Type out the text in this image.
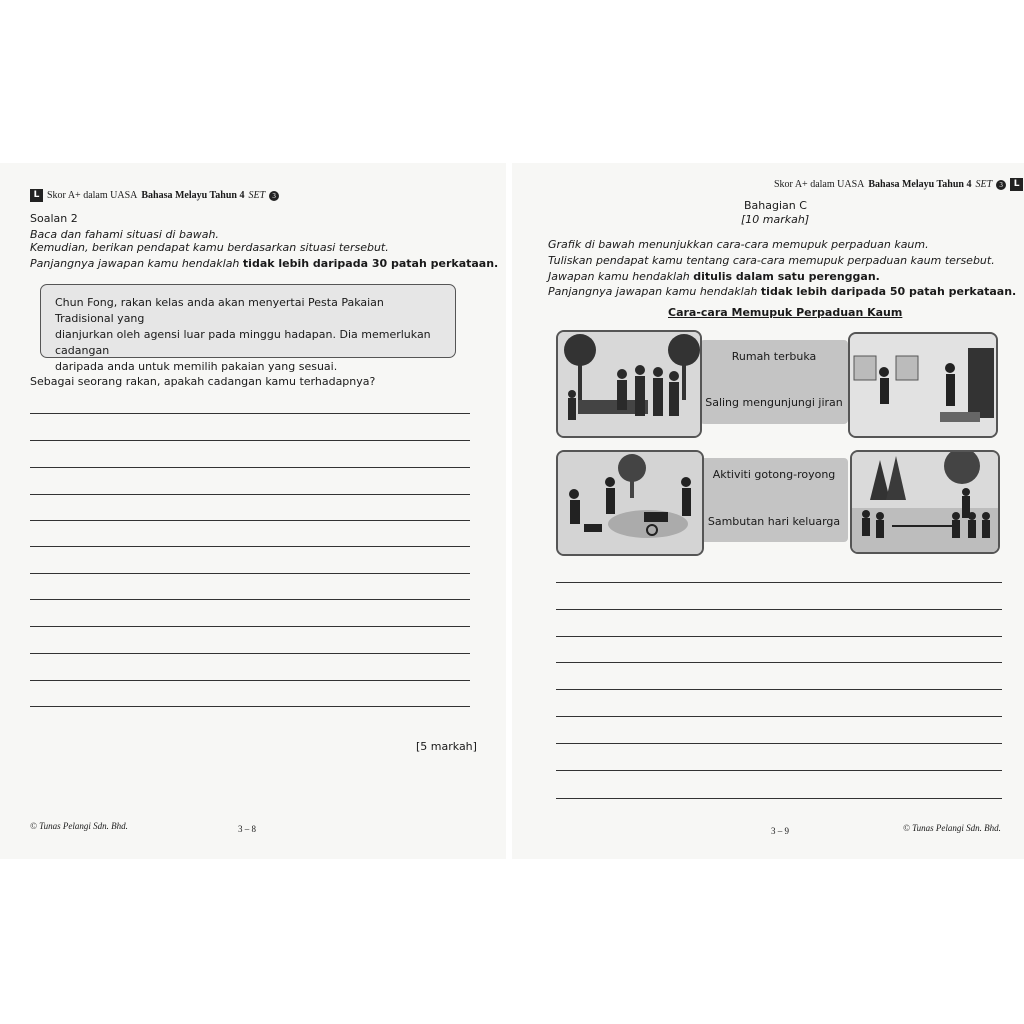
L Skor A+ dalam UASA Bahasa Melayu Tahun 4 SET	3
Soalan 2
Baca dan fahami situasi di bawah.
Kemudian, berikan pendapat kamu berdasarkan situasi tersebut.
Panjangnya jawapan kamu hendaklah tidak lebih daripada 30 patah perkataan.
Chun Fong, rakan kelas anda akan menyertai Pesta Pakaian Tradisional yang
dianjurkan oleh agensi luar pada minggu hadapan. Dia memerlukan cadangan
daripada anda untuk memilih pakaian yang sesuai.
Sebagai seorang rakan, apakah cadangan kamu terhadapnya?
[5 markah]
© Tunas Pelangi Sdn. Bhd.	3 – 8
Skor A+ dalam UASA Bahasa Melayu Tahun 4 SET	3	L
Bahagian C
[10 markah]
Grafik di bawah menunjukkan cara-cara memupuk perpaduan kaum.
Tuliskan pendapat kamu tentang cara-cara memupuk perpaduan kaum tersebut.
Jawapan kamu hendaklah ditulis dalam satu perenggan.
Panjangnya jawapan kamu hendaklah tidak lebih daripada 50 patah perkataan.
Cara-cara Memupuk Perpaduan Kaum
Rumah terbuka
Saling mengunjungi jiran
Aktiviti gotong-royong
Sambutan hari keluarga
3 – 9	© Tunas Pelangi Sdn. Bhd.
